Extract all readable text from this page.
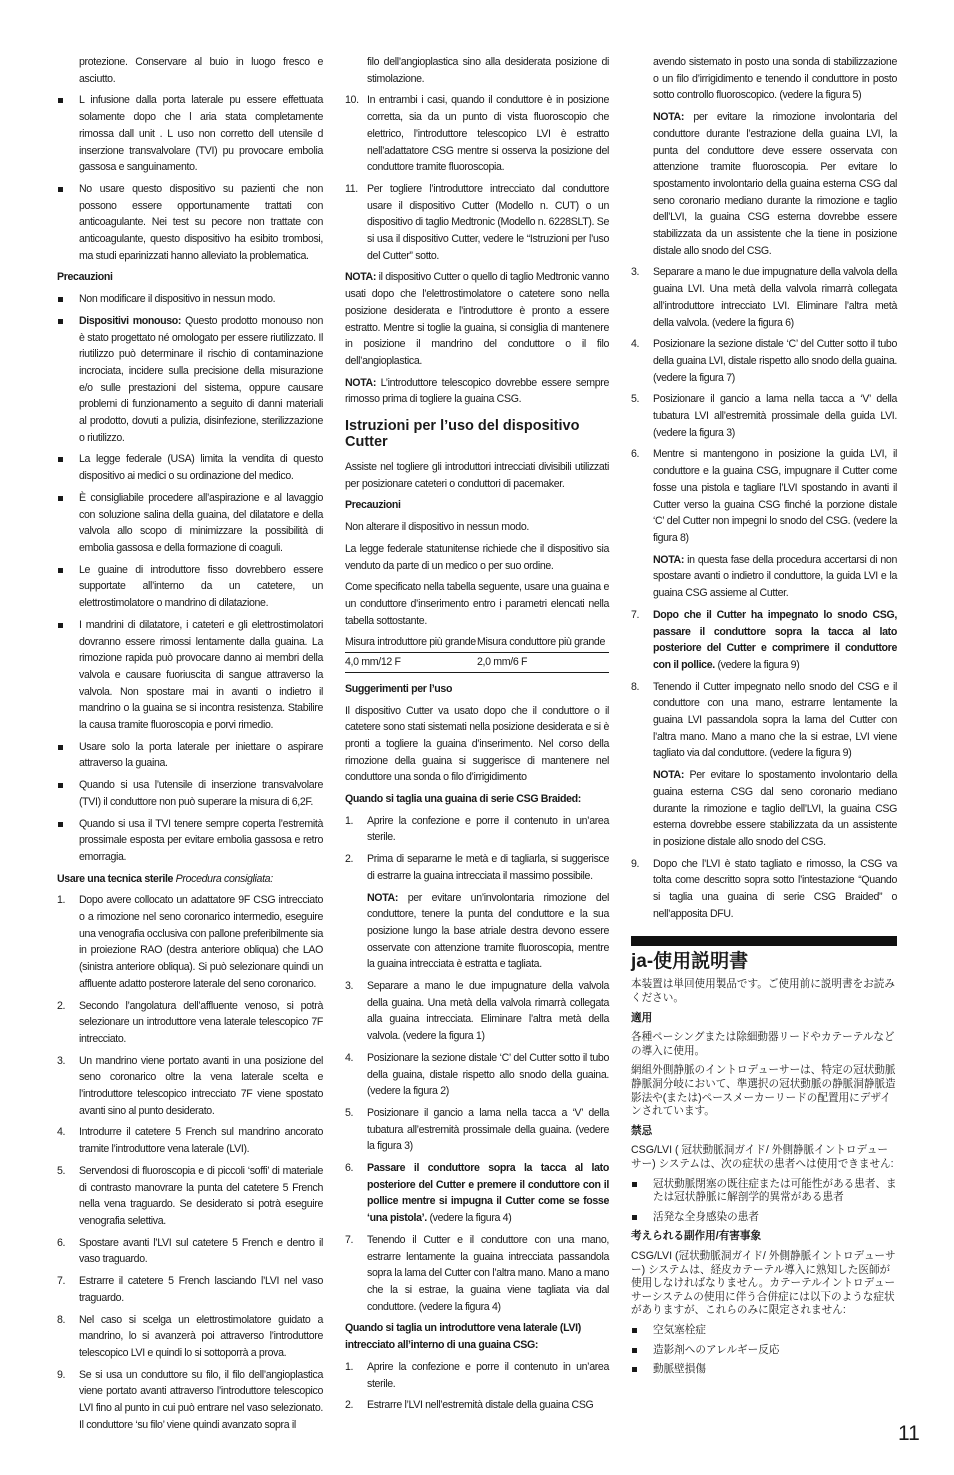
protezione. Conservare al buio in luogo fresco e asciutto.
L infusione dalla porta laterale pu essere effettuata solamente dopo che l aria stata completamente rimossa dall unit . L uso non corretto dell utensile d inserzione transvalvolare (TVI) pu provocare embolia gassosa e sanguinamento.
No usare questo dispositivo su pazienti che non possono essere opportunamente trattati con anticoagulante. Nei test su pecore non trattate con anticoagulante, questo dispositivo ha esibito trombosi, ma studi eparinizzati hanno alleviato la problematica.
Precauzioni
Non modificare il dispositivo in nessun modo.
Dispositivi monouso: Questo prodotto monouso non è stato progettato né omologato per essere riutilizzato. Il riutilizzo può determinare il rischio di contaminazione incrociata, incidere sulla precisione della misurazione e/o sulle prestazioni del sistema, oppure causare problemi di funzionamento a seguito di danni materiali al prodotto, dovuti a pulizia, disinfezione, sterilizzazione o riutilizzo.
La legge federale (USA) limita la vendita di questo dispositivo ai medici o su ordinazione del medico.
È consigliabile procedere all’aspirazione e al lavaggio con soluzione salina della guaina, del dilatatore e della valvola allo scopo di minimizzare la possibilità di embolia gassosa e della formazione di coaguli.
Le guaine di introduttore fisso dovrebbero essere supportate all’interno da un catetere, un elettrostimolatore o mandrino di dilatazione.
I mandrini di dilatatore, i cateteri e gli elettrostimolatori dovranno essere rimossi lentamente dalla guaina. La rimozione rapida può provocare danno ai membri della valvola e causare fuoriuscita di sangue attraverso la valvola. Non spostare mai in avanti o indietro il mandrino o la guaina se si incontra resistenza. Stabilire la causa tramite fluoroscopia e porvi rimedio.
Usare solo la porta laterale per iniettare o aspirare attraverso la guaina.
Quando si usa l’utensile di inserzione transvalvolare (TVI) il conduttore non può superare la misura di 6,2F.
Quando si usa il TVI tenere sempre coperta l’estremità prossimale esposta per evitare embolia gassosa e retro emorragia.
Usare una tecnica sterile Procedura consigliata:
1. Dopo avere collocato un adattatore 9F CSG intrecciato o a rimozione nel seno coronarico intermedio, eseguire una venografia occlusiva con pallone preferibilmente sia in proiezione RAO (destra anteriore obliqua) che LAO (sinistra anteriore obliqua). Si può selezionare quindi un affluente adatto posterore laterale del seno coronarico.
2. Secondo l’angolatura dell’affluente venoso, si potrà selezionare un introduttore vena laterale telescopico 7F intrecciato.
3. Un mandrino viene portato avanti in una posizione del seno coronarico oltre la vena laterale scelta e l’introduttore telescopico intrecciato 7F viene spostato avanti sino al punto desiderato.
4. Introdurre il catetere 5 French sul mandrino ancorato tramite l’introduttore vena laterale (LVI).
5. Servendosi di fluoroscopia e di piccoli ‘soffi’ di materiale di contrasto manovrare la punta del catetere 5 French nella vena traguardo. Se desiderato si potrà eseguire venografia selettiva.
6. Spostare avanti l’LVI sul catetere 5 French e dentro il vaso traguardo.
7. Estrarre il catetere 5 French lasciando l’LVI nel vaso traguardo.
8. Nel caso si scelga un elettrostimolatore guidato a mandrino, lo si avanzerà poi attraverso l’introduttore telescopico LVI e quindi lo si sottoporrà a prova.
9. Se si usa un conduttore su filo, il filo dell’angioplastica viene portato avanti attraverso l’introduttore telescopico LVI fino al punto in cui può entrare nel vaso selezionato. Il conduttore ‘su filo’ viene quindi avanzato sopra il
filo dell’angioplastica sino alla desiderata posizione di stimolazione.
10. In entrambi i casi, quando il conduttore è in posizione corretta, sia da un punto di vista fluoroscopio che elettrico, l’introduttore telescopico LVI è estratto nell’adattatore CSG mentre si osserva la posizione del conduttore tramite fluoroscopia.
11. Per togliere l’introduttore intrecciato dal conduttore usare il dispositivo Cutter (Modello n. CUT) o un dispositivo di taglio Medtronic (Modello n. 6228SLT). Se si usa il dispositivo Cutter, vedere le “Istruzioni per l’uso del Cutter” sotto.
NOTA: il dispositivo Cutter o quello di taglio Medtronic vanno usati dopo che l’elettrostimolatore o catetere sono nella posizione desiderata e l’introduttore è pronto a essere estratto. Mentre si toglie la guaina, si consiglia di mantenere in posizione il mandrino del conduttore o il filo dell’angioplastica.
NOTA: L’introduttore telescopico dovrebbe essere sempre rimosso prima di togliere la guaina CSG.
Istruzioni per l’uso del dispositivo Cutter
Assiste nel togliere gli introduttori intrecciati divisibili utilizzati per posizionare cateteri o conduttori di pacemaker.
Precauzioni
Non alterare il dispositivo in nessun modo.
La legge federale statunitense richiede che il dispositivo sia venduto da parte di un medico o per suo ordine.
Come specificato nella tabella seguente, usare una guaina e un conduttore d’inserimento entro i parametri elencati nella tabella sottostante.
Misura introduttore più grande	Misura conduttore più grande
4,0 mm/12 F	2,0 mm/6 F
Suggerimenti per l’uso
Il dispositivo Cutter va usato dopo che il conduttore o il catetere sono stati sistemati nella posizione desiderata e si è pronti a togliere la guaina d’inserimento. Nel corso della rimozione della guaina si suggerisce di mantenere nel conduttore una sonda o filo d’irrigidimento
Quando si taglia una guaina di serie CSG Braided:
1. Aprire la confezione e porre il contenuto in un’area sterile.
2. Prima di separarne le metà e di tagliarla, si suggerisce di estrarre la guaina intrecciata il massimo possibile.
NOTA: per evitare un’involontaria rimozione del conduttore, tenere la punta del conduttore e la sua posizione lungo la base atriale destra devono essere osservate con attenzione tramite fluoroscopia, mentre la guaina intrecciata è estratta e tagliata.
3. Separare a mano le due impugnature della valvola della guaina. Una metà della valvola rimarrà collegata alla guaina intrecciata. Eliminare l’altra metà della valvola. (vedere la figura 1)
4. Posizionare la sezione distale ‘C’ del Cutter sotto il tubo della guaina, distale rispetto allo snodo della guaina. (vedere la figura 2)
5. Posizionare il gancio a lama nella tacca a ‘V’ della tubatura all’estremità prossimale della guaina. (vedere la figura 3)
6. Passare il conduttore sopra la tacca al lato posteriore del Cutter e premere il conduttore con il pollice mentre si impugna il Cutter come se fosse ‘una pistola’. (vedere la figura 4)
7. Tenendo il Cutter e il conduttore con una mano, estrarre lentamente la guaina intrecciata passandola sopra la lama del Cutter con l’altra mano. Mano a mano che la si estrae, la guaina viene tagliata via dal conduttore. (vedere la figura 4)
Quando si taglia un introduttore vena laterale (LVI) intrecciato all’interno di una guaina CSG:
1. Aprire la confezione e porre il contenuto in un’area sterile.
2. Estrarre l’LVI nell’estremità distale della guaina CSG
avendo sistemato in posto una sonda di stabilizzazione o un filo d’irrigidimento e tenendo il conduttore in posto sotto controllo fluoroscopico. (vedere la figura 5)
NOTA: per evitare la rimozione involontaria del conduttore durante l’estrazione della guaina LVI, la punta del conduttore deve essere osservata con attenzione tramite fluoroscopia. Per evitare lo spostamento involontario della guaina esterna CSG dal seno coronario mediano durante la rimozione e taglio dell’LVI, la guaina CSG esterna dovrebbe essere stabilizzata da un assistente che la tiene in posizione distale allo snodo del CSG.
3. Separare a mano le due impugnature della valvola della guaina LVI. Una metà della valvola rimarrà collegata all’introduttore intrecciato LVI. Eliminare l’altra metà della valvola. (vedere la figura 6)
4. Posizionare la sezione distale ‘C’ del Cutter sotto il tubo della guaina LVI, distale rispetto allo snodo della guaina. (vedere la figura 7)
5. Posizionare il gancio a lama nella tacca a ‘V’ della tubatura LVI all’estremità prossimale della guida LVI. (vedere la figura 3)
6. Mentre si mantengono in posizione la guida LVI, il conduttore e la guaina CSG, impugnare il Cutter come fosse una pistola e tagliare l’LVI spostando in avanti il Cutter verso la guaina CSG finché la porzione distale ‘C’ del Cutter non impegni lo snodo del CSG. (vedere la figura 8)
NOTA: in questa fase della procedura accertarsi di non spostare avanti o indietro il conduttore, la guida LVI e la guaina CSG assieme al Cutter.
7. Dopo che il Cutter ha impegnato lo snodo CSG, passare il conduttore sopra la tacca al lato posteriore del Cutter e comprimere il conduttore con il pollice. (vedere la figura 9)
8. Tenendo il Cutter impegnato nello snodo del CSG e il conduttore con una mano, estrarre lentamente la guaina LVI passandola sopra la lama del Cutter con l’altra mano. Mano a mano che la si estrae, LVI viene tagliato via dal conduttore. (vedere la figura 9)
NOTA: Per evitare lo spostamento involontario della guaina esterna CSG dal seno coronario mediano durante la rimozione e taglio dell’LVI, la guaina CSG esterna dovrebbe essere stabilizzata da un assistente in posizione distale allo snodo del CSG.
9. Dopo che l’LVI è stato tagliato e rimosso, la CSG va tolta come descritto sopra sotto l’intestazione “Quando si taglia una guaina di serie CSG Braided” o nell’apposita DFU.
ja-使用説明書
本装置は単回使用製品です。ご使用前に説明書をお読みください。
適用
各種ペーシングまたは除細動器リードやカテーテルなどの導入に使用。
網組外側静脈のイントロデューサーは、特定の冠状動脈静脈洞分岐において、準選択の冠状動脈の静脈洞静脈造影法や(または)ペースメーカーリードの配置用にデザインされています。
禁忌
CSG/LVI ( 冠状動脈洞ガイド/ 外側静脈イントロデューサー) システムは、次の症状の患者へは使用できません:
冠状動脈閉塞の既往症または可能性がある患者、または冠状静脈に解剖学的異常がある患者
活発な全身感染の患者
考えられる副作用/有害事象
CSG/LVI (冠状動脈洞ガイド/ 外側静脈イントロデューサー) システムは、経皮カテーテル導入に熟知した医師が使用しなければなりません。カテーテルイントロデューサーシステムの使用に伴う合併症には以下のような症状がありますが、これらのみに限定されません:
空気塞栓症
造影剤へのアレルギー反応
動脈壁損傷
11
